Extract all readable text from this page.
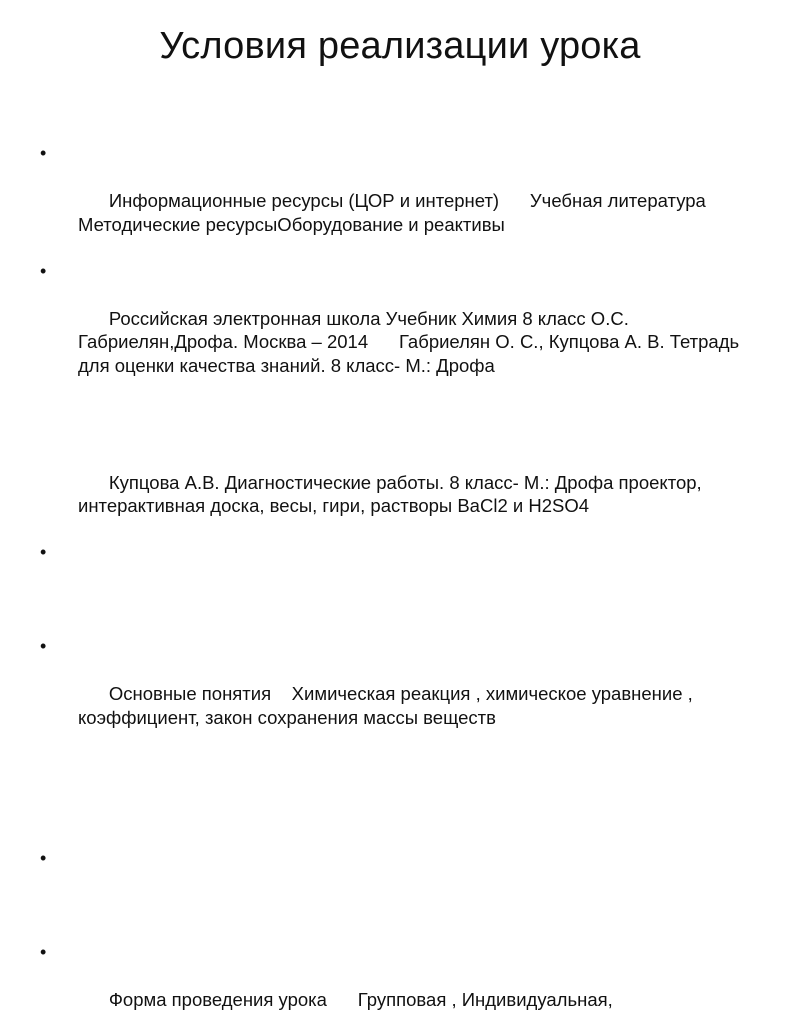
Условия реализации урока

•

Информационные ресурсы (ЦОР и интернет)      Учебная литература  Методические ресурсыОборудование и реактивы

•

Российская электронная школа Учебник Химия 8 класс О.С. Габриелян,Дрофа. Москва – 2014      Габриелян О. С., Купцова А. В. Тетрадь для оценки качества знаний. 8 класс- М.: Дрофа

Купцова А.В. Диагностические работы. 8 класс- М.: Дрофа проектор, интерактивная доска, весы, гири, растворы BaCl2 и H2SO4

•

•

Основные понятия    Химическая реакция , химическое уравнение , коэффициент, закон сохранения массы веществ

•

•

Форма проведения урока      Групповая , Индивидуальная,
